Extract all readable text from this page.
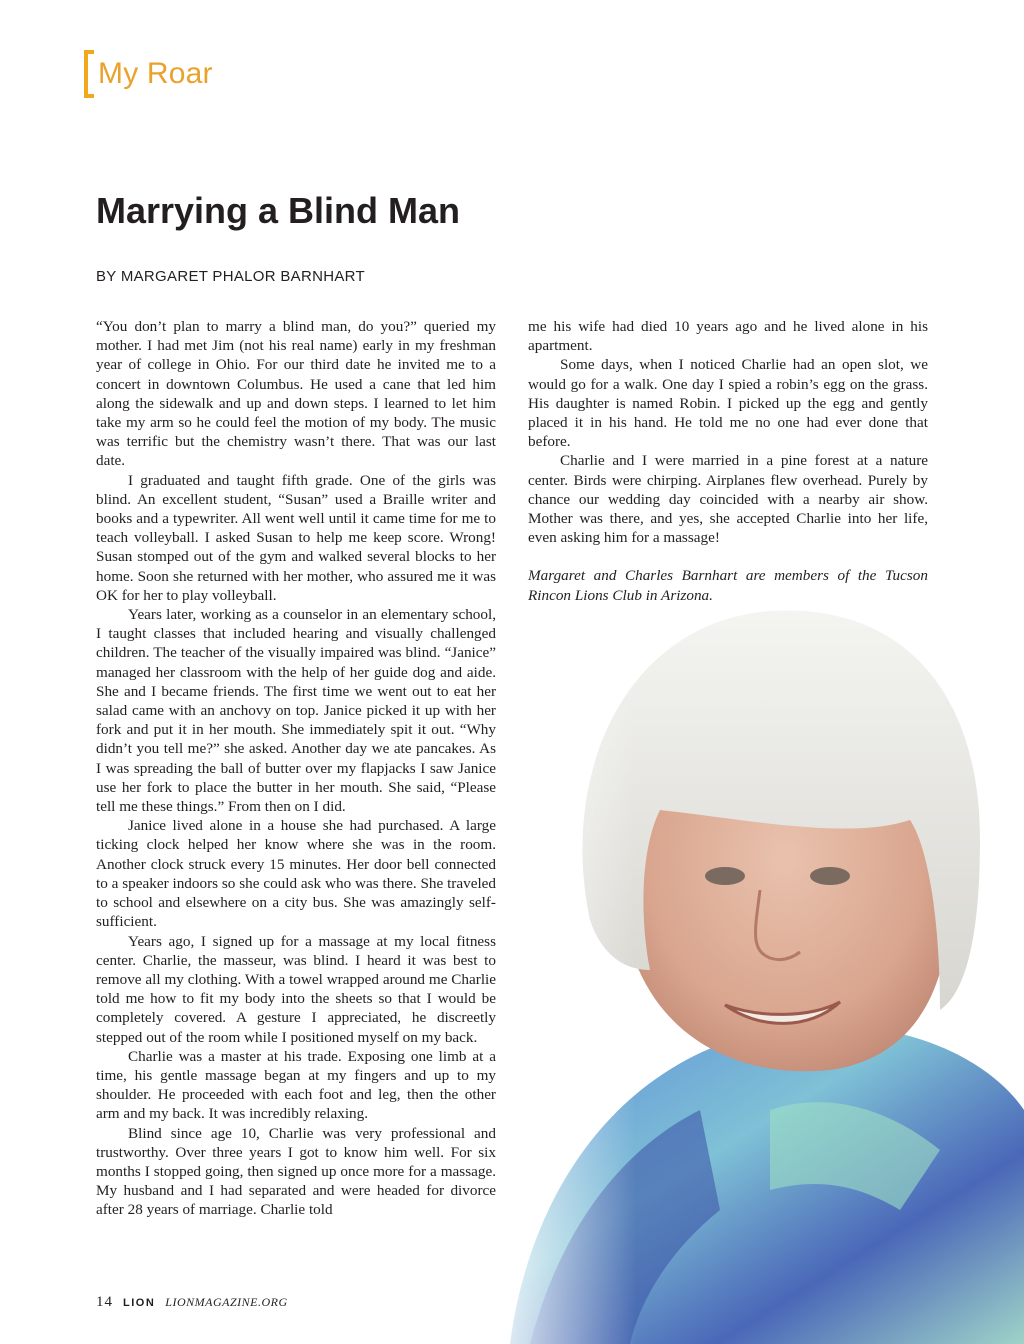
My Roar
Marrying a Blind Man
BY MARGARET PHALOR BARNHART

“You don’t plan to marry a blind man, do you?” queried my mother. I had met Jim (not his real name) early in my freshman year of college in Ohio. For our third date he invited me to a concert in downtown Columbus. He used a cane that led him along the sidewalk and up and down steps. I learned to let him take my arm so he could feel the motion of my body. The music was terrific but the chemistry wasn’t there. That was our last date.

I graduated and taught fifth grade. One of the girls was blind. An excellent student, “Susan” used a Braille writer and books and a typewriter. All went well until it came time for me to teach volleyball. I asked Susan to help me keep score. Wrong! Susan stomped out of the gym and walked several blocks to her home. Soon she returned with her mother, who assured me it was OK for her to play volleyball.

Years later, working as a counselor in an elementary school, I taught classes that included hearing and visually challenged children. The teacher of the visually impaired was blind. “Janice” managed her classroom with the help of her guide dog and aide. She and I became friends. The first time we went out to eat her salad came with an anchovy on top. Janice picked it up with her fork and put it in her mouth. She immediately spit it out. “Why didn’t you tell me?” she asked. Another day we ate pancakes. As I was spreading the ball of butter over my flapjacks I saw Janice use her fork to place the butter in her mouth. She said, “Please tell me these things.” From then on I did.

Janice lived alone in a house she had purchased. A large ticking clock helped her know where she was in the room. Another clock struck every 15 minutes. Her door bell connected to a speaker indoors so she could ask who was there. She traveled to school and elsewhere on a city bus. She was amazingly self-sufficient.

Years ago, I signed up for a massage at my local fitness center. Charlie, the masseur, was blind. I heard it was best to remove all my clothing. With a towel wrapped around me Charlie told me how to fit my body into the sheets so that I would be completely covered. A gesture I appreciated, he discreetly stepped out of the room while I positioned myself on my back.

Charlie was a master at his trade. Exposing one limb at a time, his gentle massage began at my fingers and up to my shoulder. He proceeded with each foot and leg, then the other arm and my back. It was incredibly relaxing.

Blind since age 10, Charlie was very professional and trustworthy. Over three years I got to know him well. For six months I stopped going, then signed up once more for a massage. My husband and I had separated and were headed for divorce after 28 years of marriage. Charlie told

me his wife had died 10 years ago and he lived alone in his apartment.

Some days, when I noticed Charlie had an open slot, we would go for a walk. One day I spied a robin’s egg on the grass. His daughter is named Robin. I picked up the egg and gently placed it in his hand. He told me no one had ever done that before.

Charlie and I were married in a pine forest at a nature center. Birds were chirping. Airplanes flew overhead. Purely by chance our wedding day coincided with a nearby air show. Mother was there, and yes, she accepted Charlie into her life, even asking him for a massage!

Margaret and Charles Barnhart are members of the Tucson Rincon Lions Club in Arizona.

14 LION LIONMAGAZINE.ORG
